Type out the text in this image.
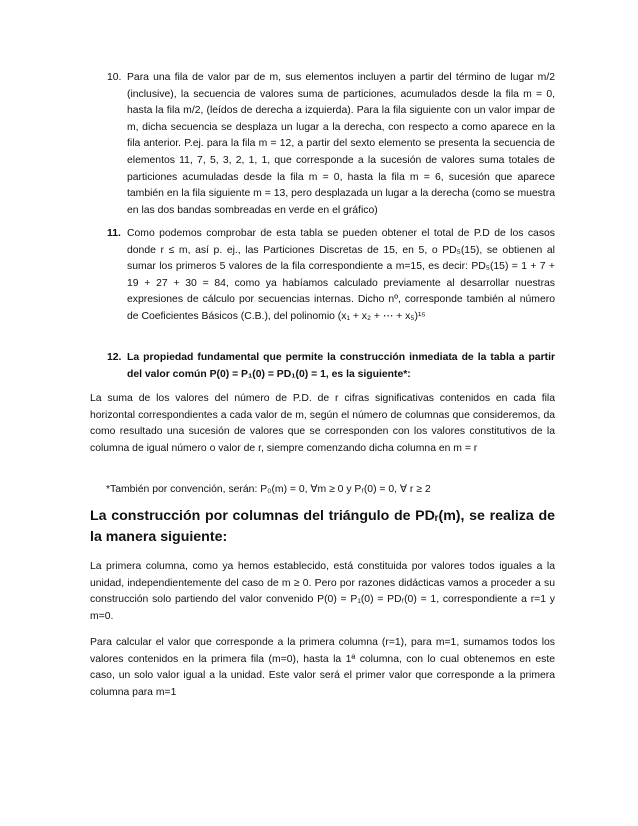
10. Para una fila de valor par de m, sus elementos incluyen a partir del término de lugar m/2 (inclusive), la secuencia de valores suma de particiones, acumulados desde la fila m = 0, hasta la fila m/2, (leídos de derecha a izquierda). Para la fila siguiente con un valor impar de m, dicha secuencia se desplaza un lugar a la derecha, con respecto a como aparece en la fila anterior. P.ej. para la fila m = 12, a partir del sexto elemento se presenta la secuencia de elementos 11, 7, 5, 3, 2, 1, 1, que corresponde a la sucesión de valores suma totales de particiones acumuladas desde la fila m = 0, hasta la fila m = 6, sucesión que aparece también en la fila siguiente m = 13, pero desplazada un lugar a la derecha (como se muestra en las dos bandas sombreadas en verde en el gráfico)
11. Como podemos comprobar de esta tabla se pueden obtener el total de P.D de los casos donde r ≤ m, así p. ej., las Particiones Discretas de 15, en 5, o PD₅(15), se obtienen al sumar los primeros 5 valores de la fila correspondiente a m=15, es decir: PD₅(15) = 1 + 7 + 19 + 27 + 30 = 84, como ya habíamos calculado previamente al desarrollar nuestras expresiones de cálculo por secuencias internas. Dicho nº, corresponde también al número de Coeficientes Básicos (C.B.), del polinomio (x₁ + x₂ + ⋯ + x₅)¹⁵
12. La propiedad fundamental que permite la construcción inmediata de la tabla a partir del valor común P(0) = P₁(0) = PD₁(0) = 1, es la siguiente*:
La suma de los valores del número de P.D. de r cifras significativas contenidos en cada fila horizontal correspondientes a cada valor de m, según el número de columnas que consideremos, da como resultado una sucesión de valores que se corresponden con los valores constitutivos de la columna de igual número o valor de r, siempre comenzando dicha columna en m = r
*También por convención, serán: P₀(m) = 0, ∀m ≥ 0 y Pᵣ(0) = 0, ∀ r ≥ 2
La construcción por columnas del triángulo de PDᵣ(m), se realiza de la manera siguiente:
La primera columna, como ya hemos establecido, está constituida por valores todos iguales a la unidad, independientemente del caso de m ≥ 0. Pero por razones didácticas vamos a proceder a su construcción solo partiendo del valor convenido P(0) = P₁(0) = PDᵣ(0) = 1, correspondiente a r=1 y m=0.
Para calcular el valor que corresponde a la primera columna (r=1), para m=1, sumamos todos los valores contenidos en la primera fila (m=0), hasta la 1ª columna, con lo cual obtenemos en este caso, un solo valor igual a la unidad. Este valor será el primer valor que corresponde a la primera columna para m=1
